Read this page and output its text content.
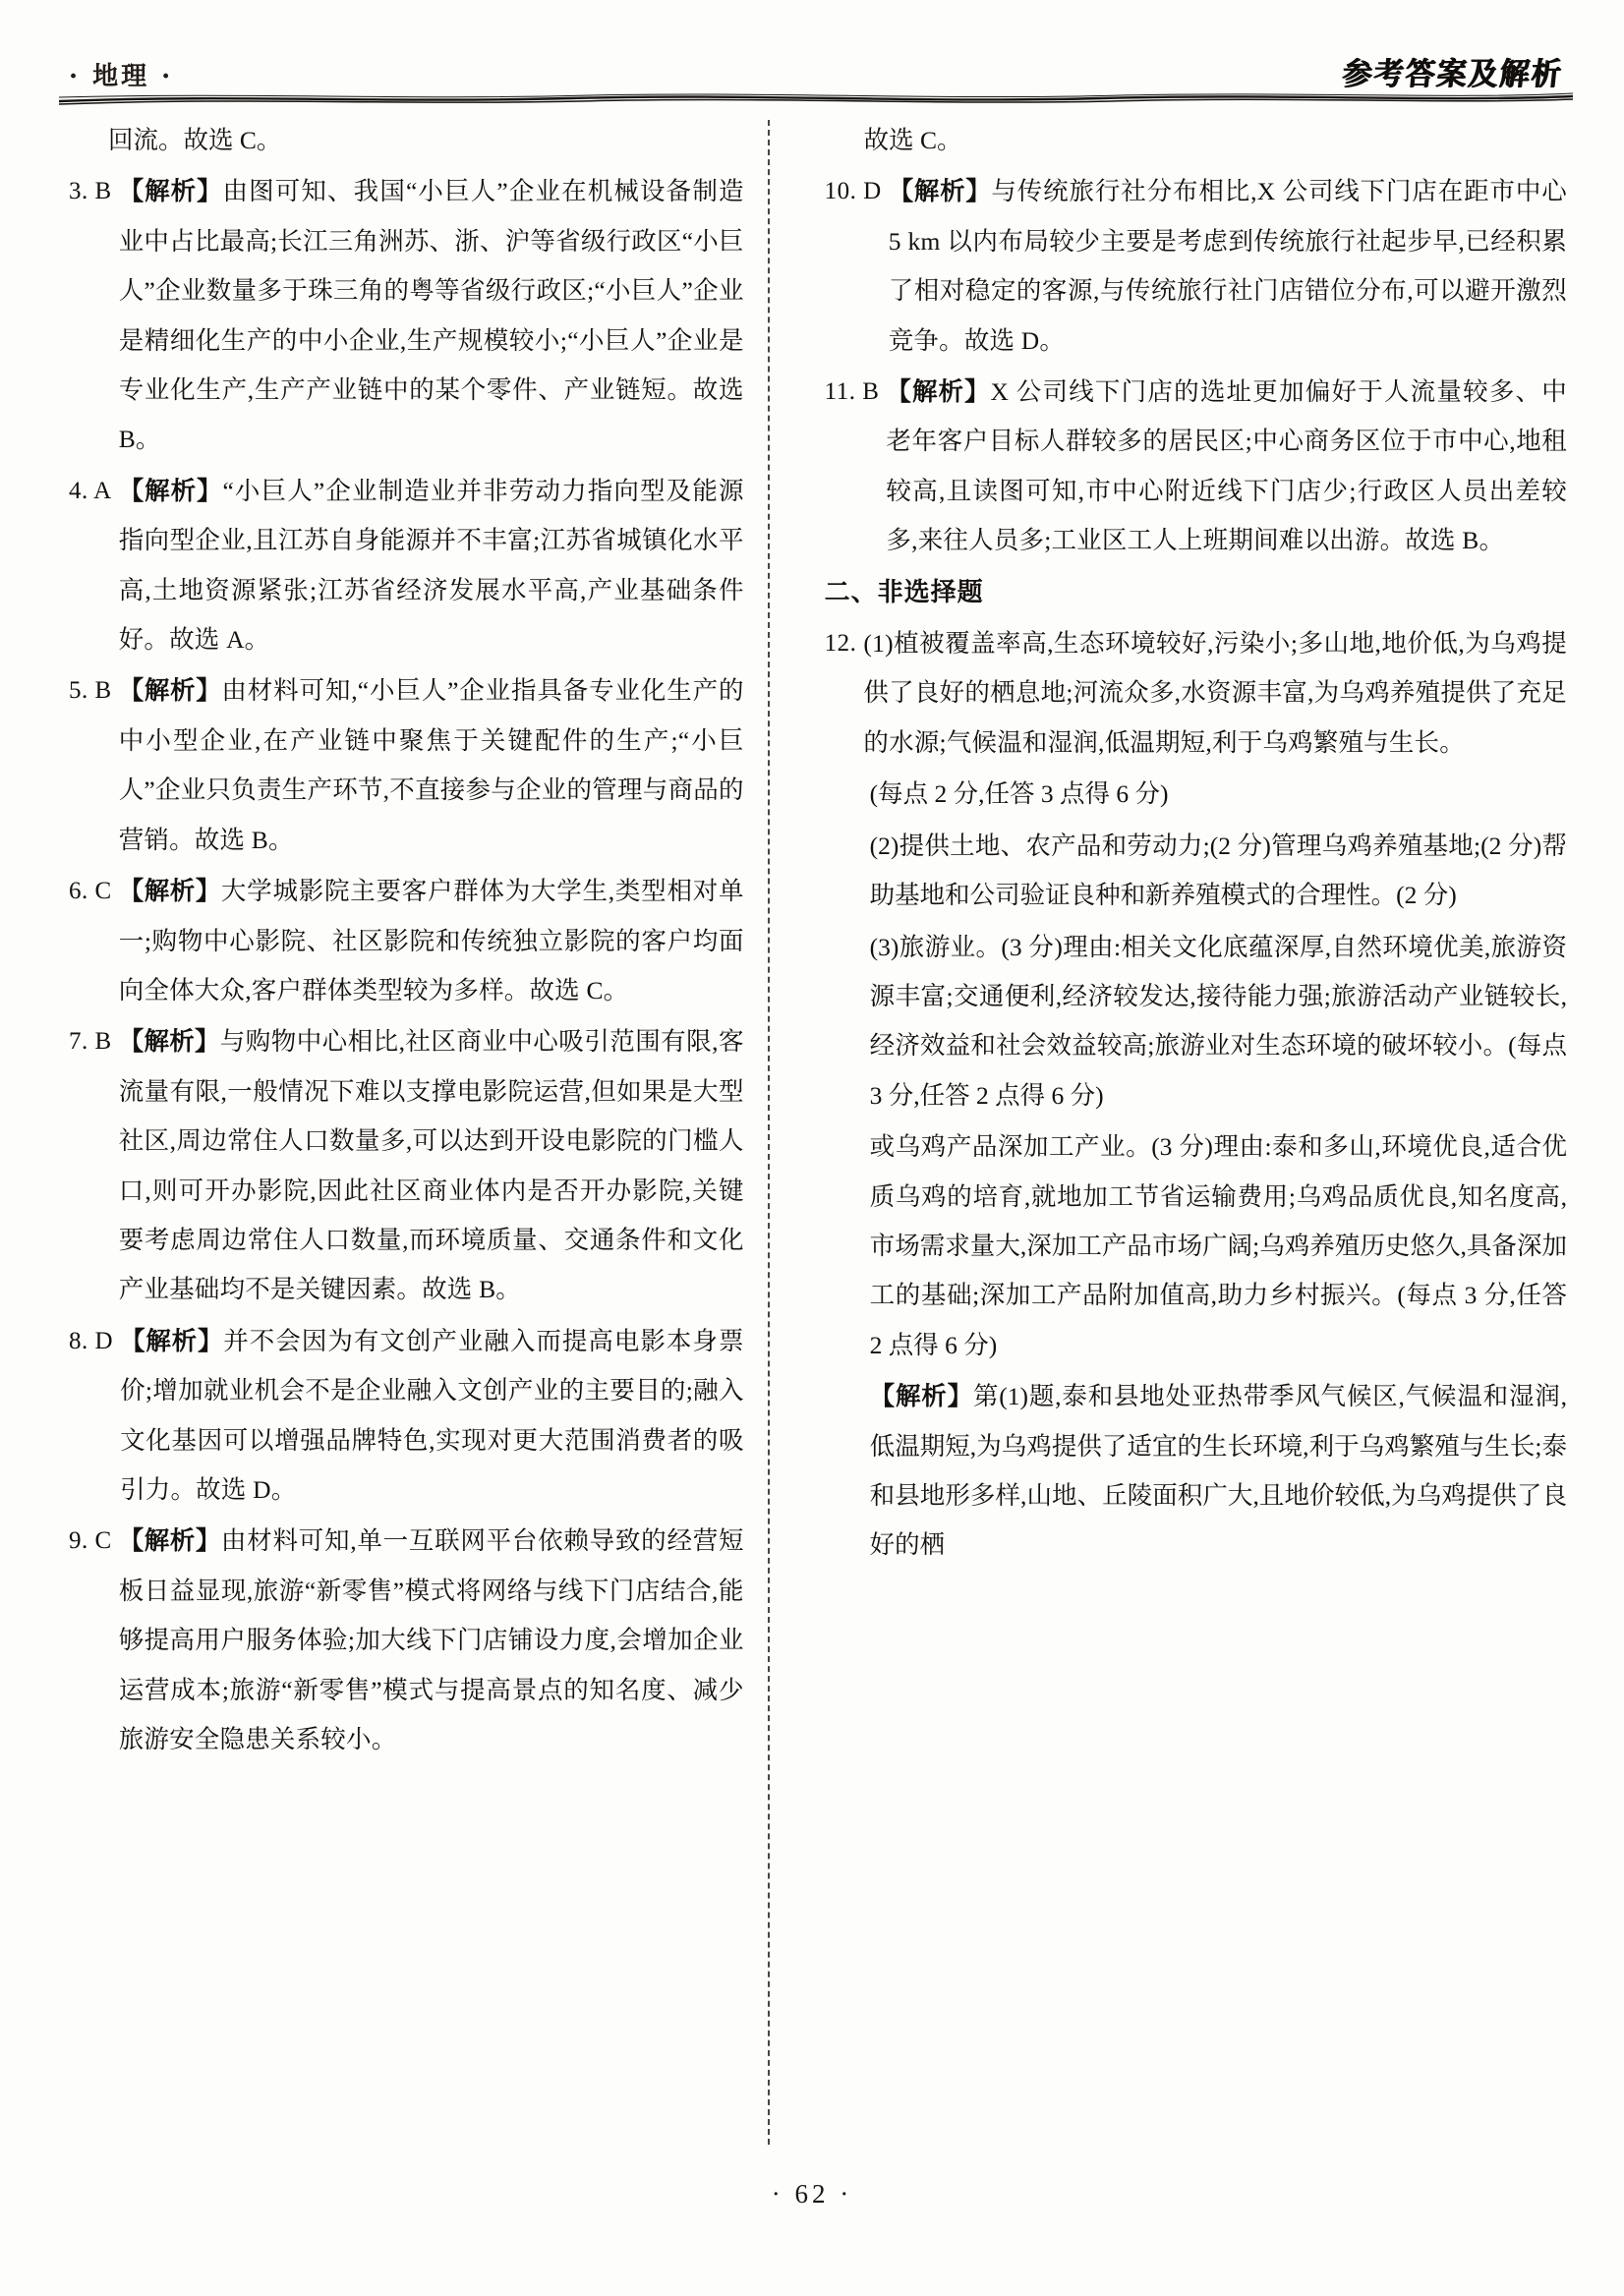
· 地理 ·	参考答案及解析
回流。故选 C。
3. B 【解析】由图可知、我国“小巨人”企业在机械设备制造业中占比最高;长江三角洲苏、浙、沪等省级行政区“小巨人”企业数量多于珠三角的粤等省级行政区;“小巨人”企业是精细化生产的中小企业,生产规模较小;“小巨人”企业是专业化生产,生产产业链中的某个零件、产业链短。故选 B。
4. A 【解析】“小巨人”企业制造业并非劳动力指向型及能源指向型企业,且江苏自身能源并不丰富;江苏省城镇化水平高,土地资源紧张;江苏省经济发展水平高,产业基础条件好。故选 A。
5. B 【解析】由材料可知,“小巨人”企业指具备专业化生产的中小型企业,在产业链中聚焦于关键配件的生产;“小巨人”企业只负责生产环节,不直接参与企业的管理与商品的营销。故选 B。
6. C 【解析】大学城影院主要客户群体为大学生,类型相对单一;购物中心影院、社区影院和传统独立影院的客户均面向全体大众,客户群体类型较为多样。故选 C。
7. B 【解析】与购物中心相比,社区商业中心吸引范围有限,客流量有限,一般情况下难以支撑电影院运营,但如果是大型社区,周边常住人口数量多,可以达到开设电影院的门槛人口,则可开办影院,因此社区商业体内是否开办影院,关键要考虑周边常住人口数量,而环境质量、交通条件和文化产业基础均不是关键因素。故选 B。
8. D 【解析】并不会因为有文创产业融入而提高电影本身票价;增加就业机会不是企业融入文创产业的主要目的;融入文化基因可以增强品牌特色,实现对更大范围消费者的吸引力。故选 D。
9. C 【解析】由材料可知,单一互联网平台依赖导致的经营短板日益显现,旅游“新零售”模式将网络与线下门店结合,能够提高用户服务体验;加大线下门店铺设力度,会增加企业运营成本;旅游“新零售”模式与提高景点的知名度、减少旅游安全隐患关系较小。
故选 C。
10. D 【解析】与传统旅行社分布相比,X 公司线下门店在距市中心 5 km 以内布局较少主要是考虑到传统旅行社起步早,已经积累了相对稳定的客源,与传统旅行社门店错位分布,可以避开激烈竞争。故选 D。
11. B 【解析】X 公司线下门店的选址更加偏好于人流量较多、中老年客户目标人群较多的居民区;中心商务区位于市中心,地租较高,且读图可知,市中心附近线下门店少;行政区人员出差较多,来往人员多;工业区工人上班期间难以出游。故选 B。
二、非选择题
12. (1)植被覆盖率高,生态环境较好,污染小;多山地,地价低,为乌鸡提供了良好的栖息地;河流众多,水资源丰富,为乌鸡养殖提供了充足的水源;气候温和湿润,低温期短,利于乌鸡繁殖与生长。
(每点 2 分,任答 3 点得 6 分)
(2)提供土地、农产品和劳动力;(2 分)管理乌鸡养殖基地;(2 分)帮助基地和公司验证良种和新养殖模式的合理性。(2 分)
(3)旅游业。(3 分)理由:相关文化底蕴深厚,自然环境优美,旅游资源丰富;交通便利,经济较发达,接待能力强;旅游活动产业链较长,经济效益和社会效益较高;旅游业对生态环境的破坏较小。(每点 3 分,任答 2 点得 6 分)
或乌鸡产品深加工产业。(3 分)理由:泰和多山,环境优良,适合优质乌鸡的培育,就地加工节省运输费用;乌鸡品质优良,知名度高,市场需求量大,深加工产品市场广阔;乌鸡养殖历史悠久,具备深加工的基础;深加工产品附加值高,助力乡村振兴。(每点 3 分,任答 2 点得 6 分)
【解析】第(1)题,泰和县地处亚热带季风气候区,气候温和湿润,低温期短,为乌鸡提供了适宜的生长环境,利于乌鸡繁殖与生长;泰和县地形多样,山地、丘陵面积广大,且地价较低,为乌鸡提供了良好的栖
· 62 ·
